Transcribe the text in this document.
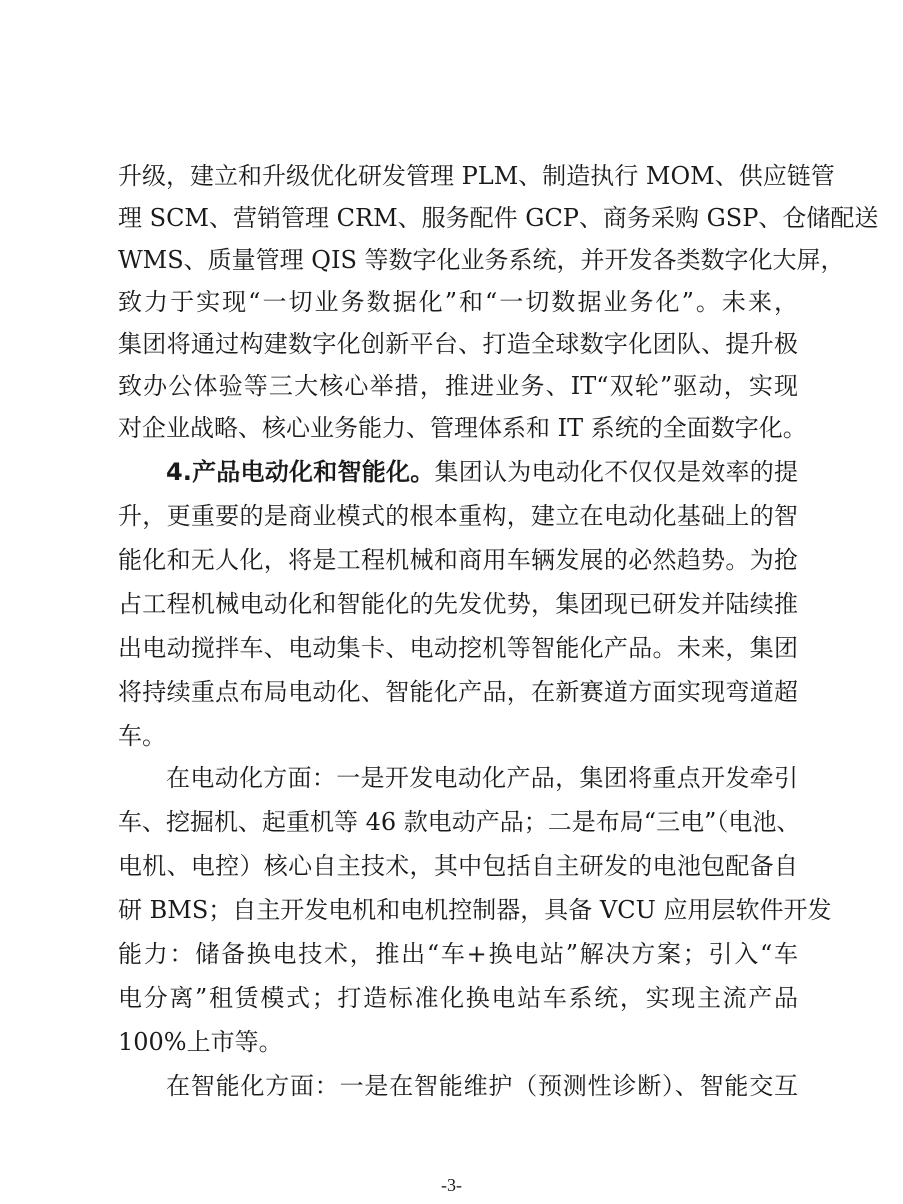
升级，建立和升级优化研发管理 PLM、制造执行 MOM、供应链管
理 SCM、营销管理 CRM、服务配件 GCP、商务采购 GSP、仓储配送
WMS、质量管理 QIS 等数字化业务系统，并开发各类数字化大屏，
致力于实现“一切业务数据化”和“一切数据业务化”。未来，
集团将通过构建数字化创新平台、打造全球数字化团队、提升极
致办公体验等三大核心举措，推进业务、IT“双轮”驱动，实现
对企业战略、核心业务能力、管理体系和 IT 系统的全面数字化。
4.产品电动化和智能化。集团认为电动化不仅仅是效率的提
升，更重要的是商业模式的根本重构，建立在电动化基础上的智
能化和无人化，将是工程机械和商用车辆发展的必然趋势。为抢
占工程机械电动化和智能化的先发优势，集团现已研发并陆续推
出电动搅拌车、电动集卡、电动挖机等智能化产品。未来，集团
将持续重点布局电动化、智能化产品，在新赛道方面实现弯道超
车。
在电动化方面：一是开发电动化产品，集团将重点开发牵引
车、挖掘机、起重机等 46 款电动产品；二是布局“三电”（电池、
电机、电控）核心自主技术，其中包括自主研发的电池包配备自
研 BMS；自主开发电机和电机控制器，具备 VCU 应用层软件开发
能力：储备换电技术，推出“车+换电站”解决方案；引入“车
电分离”租赁模式；打造标准化换电站车系统，实现主流产品
100%上市等。
在智能化方面：一是在智能维护（预测性诊断）、智能交互
-3-
